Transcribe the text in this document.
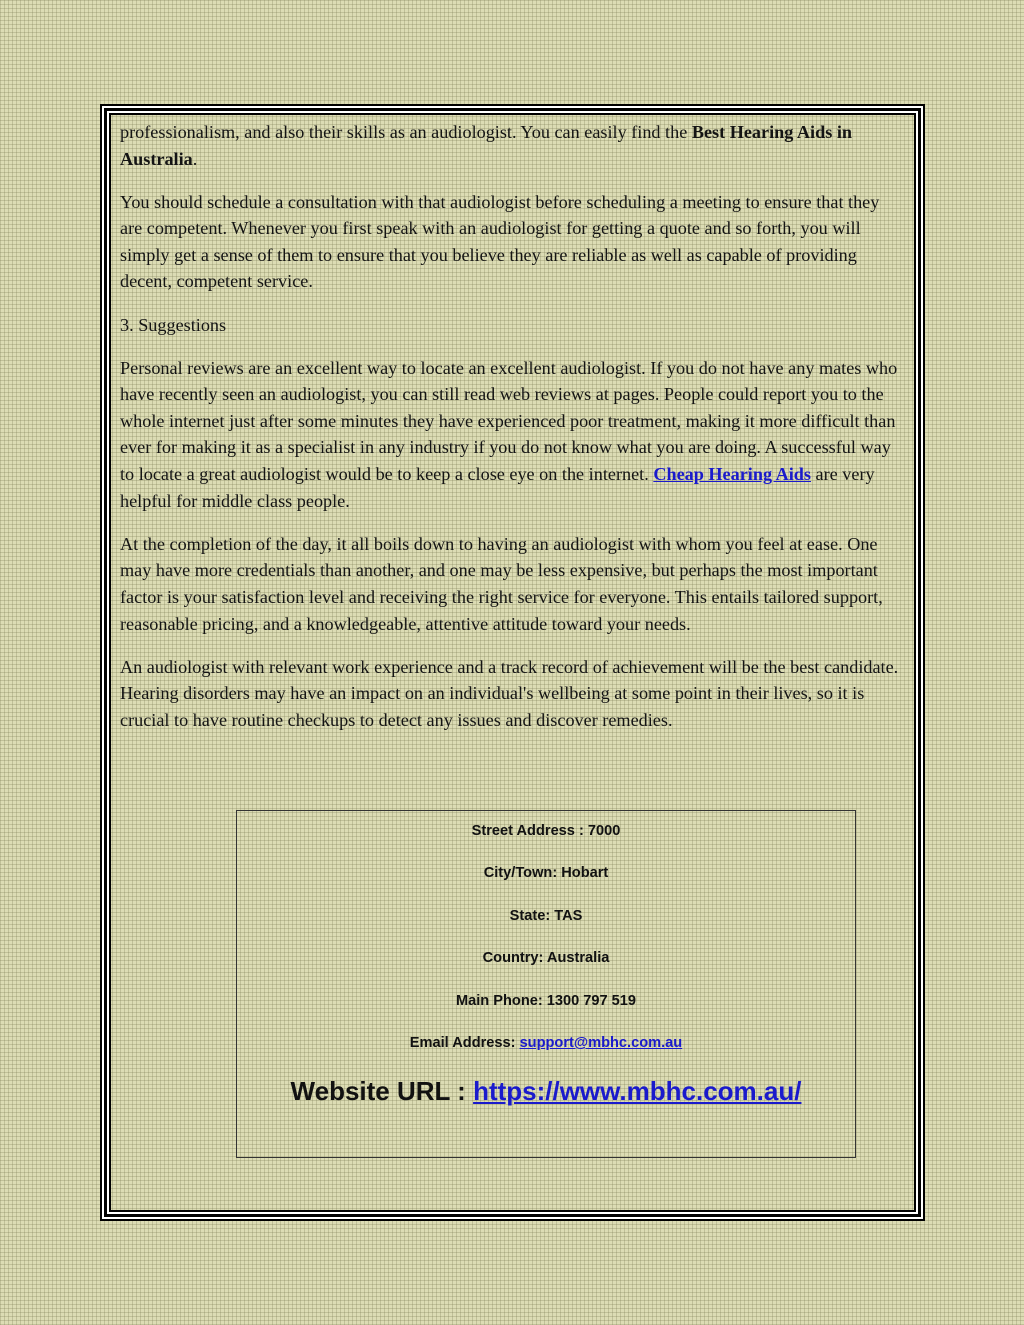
professionalism, and also their skills as an audiologist. You can easily find the Best Hearing Aids in Australia.

You should schedule a consultation with that audiologist before scheduling a meeting to ensure that they are competent. Whenever you first speak with an audiologist for getting a quote and so forth, you will simply get a sense of them to ensure that you believe they are reliable as well as capable of providing decent, competent service.

3. Suggestions

Personal reviews are an excellent way to locate an excellent audiologist. If you do not have any mates who have recently seen an audiologist, you can still read web reviews at pages. People could report you to the whole internet just after some minutes they have experienced poor treatment, making it more difficult than ever for making it as a specialist in any industry if you do not know what you are doing. A successful way to locate a great audiologist would be to keep a close eye on the internet. Cheap Hearing Aids are very helpful for middle class people.

At the completion of the day, it all boils down to having an audiologist with whom you feel at ease. One may have more credentials than another, and one may be less expensive, but perhaps the most important factor is your satisfaction level and receiving the right service for everyone. This entails tailored support, reasonable pricing, and a knowledgeable, attentive attitude toward your needs.

An audiologist with relevant work experience and a track record of achievement will be the best candidate. Hearing disorders may have an impact on an individual's wellbeing at some point in their lives, so it is crucial to have routine checkups to detect any issues and discover remedies.

Street Address : 7000
City/Town: Hobart
State: TAS
Country: Australia
Main Phone: 1300 797 519
Email Address: support@mbhc.com.au
Website URL : https://www.mbhc.com.au/
